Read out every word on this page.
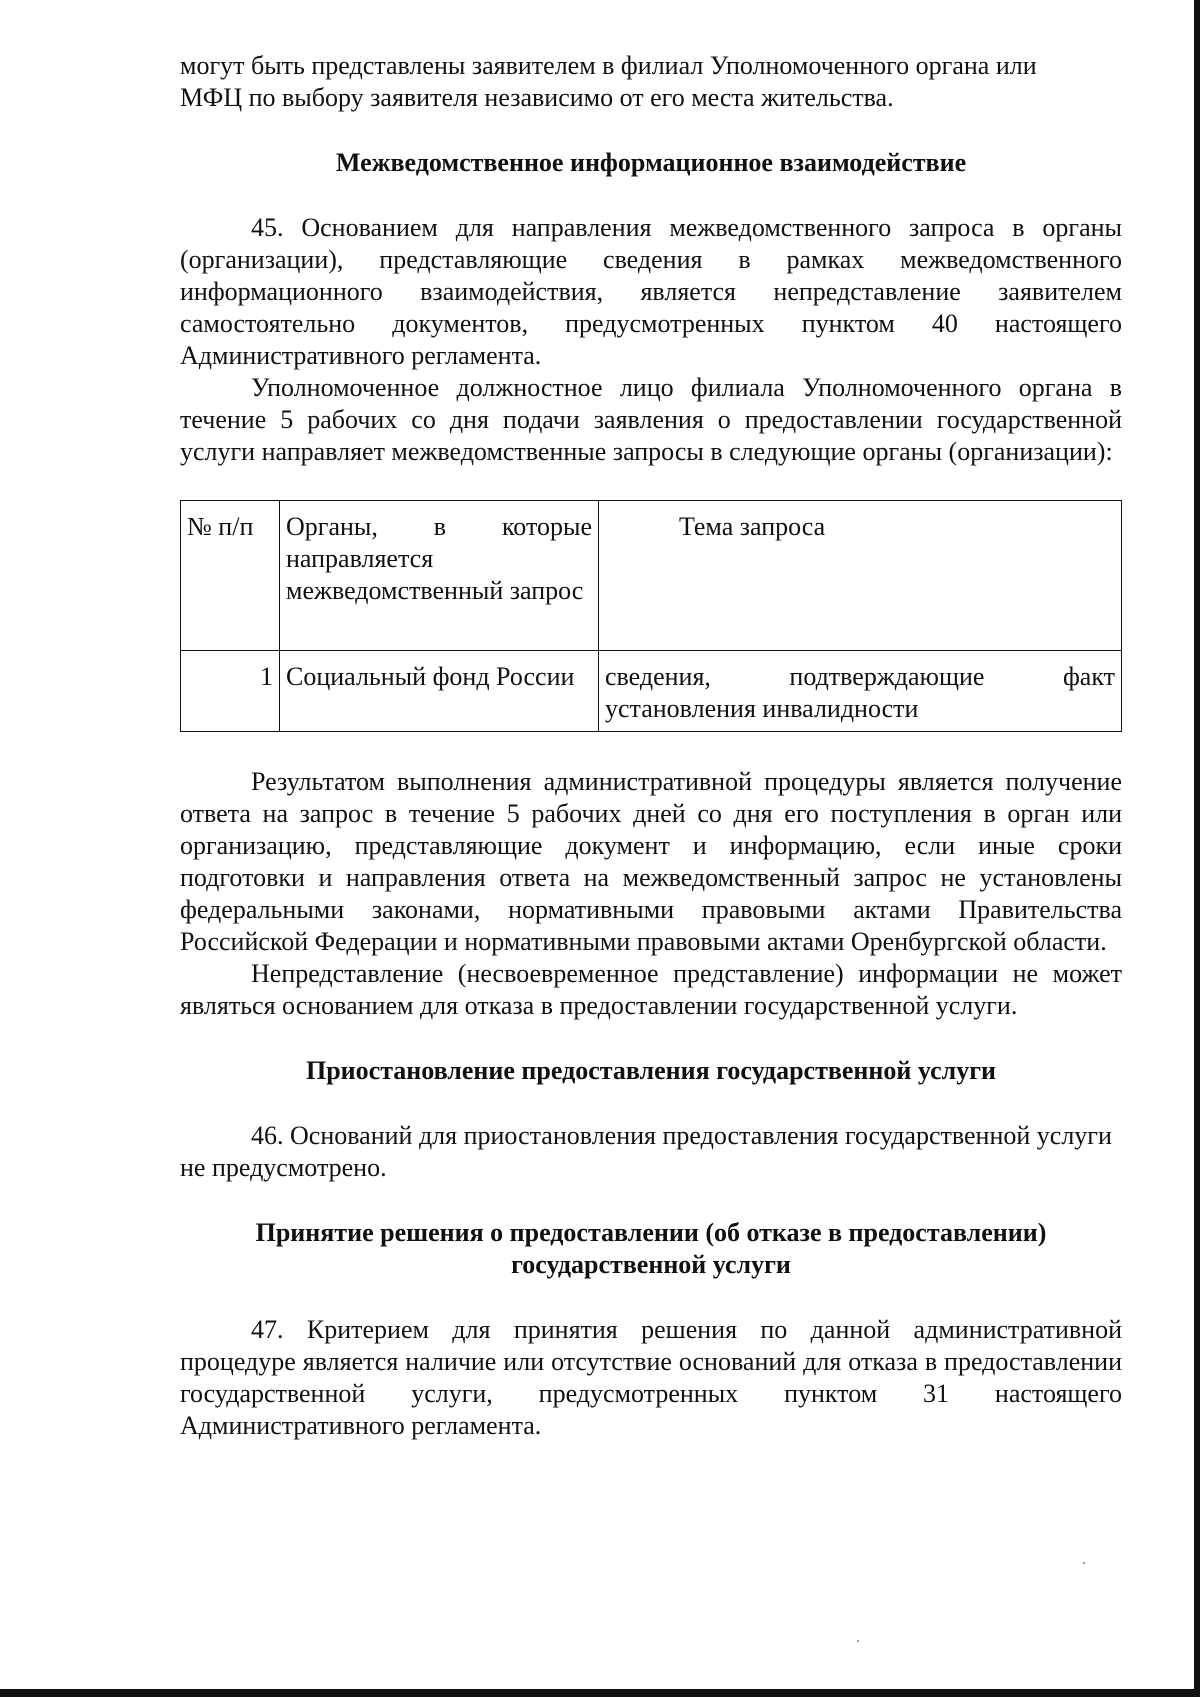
могут быть представлены заявителем в филиал Уполномоченного органа или

МФЦ по выбору заявителя независимо от его места жительства.

Межведомственное информационное взаимодействие

45. Основанием для направления межведомственного запроса в органы (организации), представляющие сведения в рамках межведомственного информационного взаимодействия, является непредставление заявителем самостоятельно документов, предусмотренных пунктом 40 настоящего Административного регламента.

Уполномоченное должностное лицо филиала Уполномоченного органа в течение 5 рабочих со дня подачи заявления о предоставлении государственной услуги направляет межведомственные запросы в следующие органы (организации):

№ п/п	Органы, в которые направляется межведомственный запрос	Тема запроса
1	Социальный фонд России	сведения, подтверждающие факт установления инвалидности

Результатом выполнения административной процедуры является получение ответа на запрос в течение 5 рабочих дней со дня его поступления в орган или организацию, представляющие документ и информацию, если иные сроки подготовки и направления ответа на межведомственный запрос не установлены федеральными законами, нормативными правовыми актами Правительства Российской Федерации и нормативными правовыми актами Оренбургской области.

Непредставление (несвоевременное представление) информации не может являться основанием для отказа в предоставлении государственной услуги.

Приостановление предоставления государственной услуги

46. Оснований для приостановления предоставления государственной услуги не предусмотрено.

Принятие решения о предоставлении (об отказе в предоставлении)

государственной услуги

47. Критерием для принятия решения по данной административной процедуре является наличие или отсутствие оснований для отказа в предоставлении государственной услуги, предусмотренных пунктом 31 настоящего Административного регламента.
